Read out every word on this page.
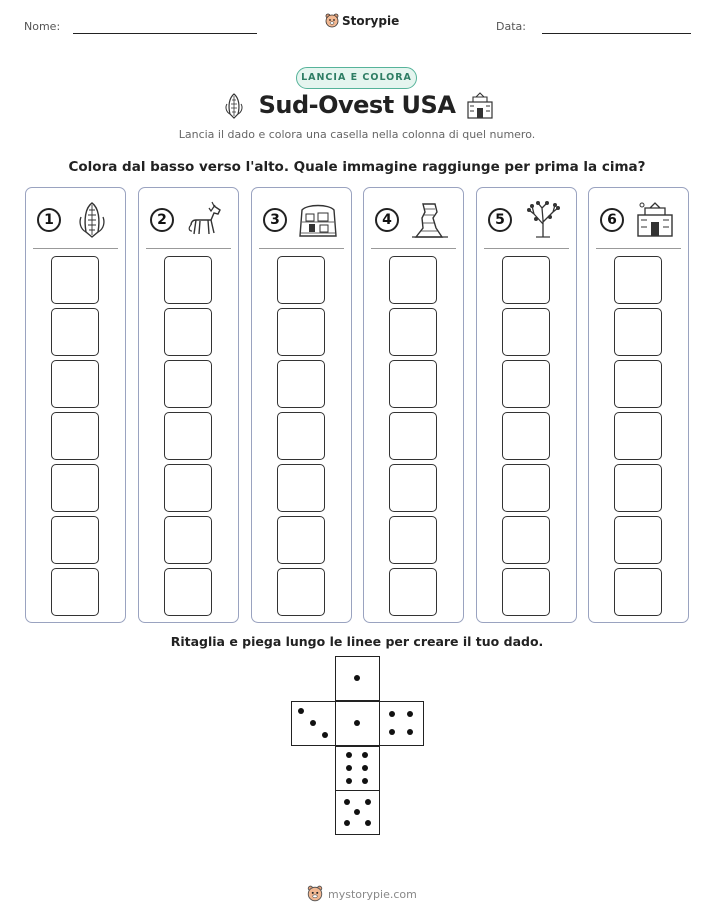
Nome:	Storypie	Data:
LANCIA E COLORA
Sud-Ovest USA
Lancia il dado e colora una casella nella colonna di quel numero.
Colora dal basso verso l'alto. Quale immagine raggiunge per prima la cima?
1	2	3	4	5	6
Ritaglia e piega lungo le linee per creare il tuo dado.
mystorypie.com
